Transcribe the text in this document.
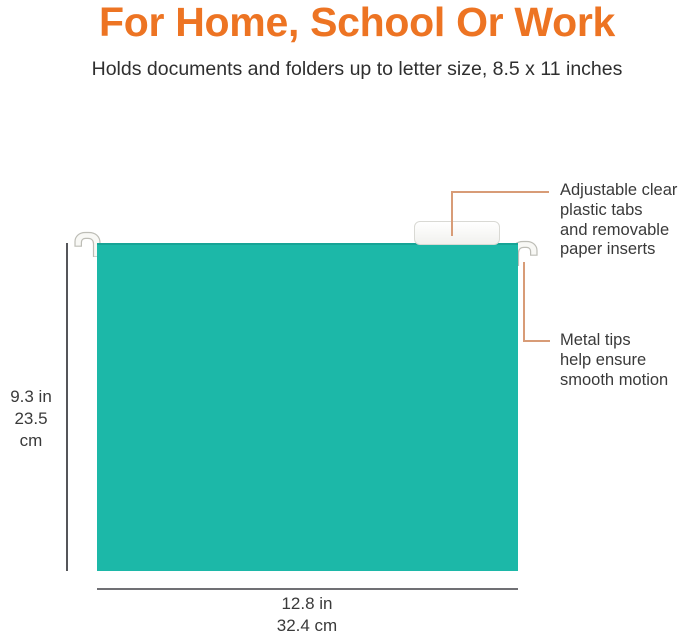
For Home, School Or Work

Holds documents and folders up to letter size, 8.5 x 11 inches

Adjustable clear
plastic tabs
and removable
paper inserts
Metal tips
help ensure
smooth motion
9.3 in
23.5 cm
12.8 in
32.4 cm
